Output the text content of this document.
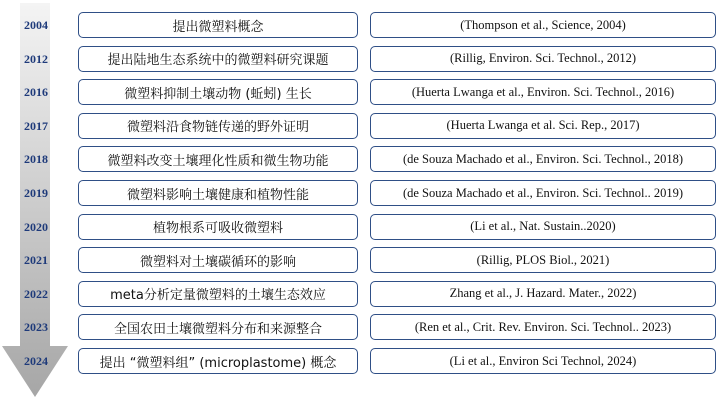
2004	提出微塑料概念	(Thompson et al., Science, 2004)
2012	提出陆地生态系统中的微塑料研究课题	(Rillig, Environ. Sci. Technol., 2012)
2016	微塑料抑制土壤动物 (蚯蚓) 生长	(Huerta Lwanga et al., Environ. Sci. Technol., 2016)
2017	微塑料沿食物链传递的野外证明	(Huerta Lwanga et al. Sci. Rep., 2017)
2018	微塑料改变土壤理化性质和微生物功能	(de Souza Machado et al., Environ. Sci. Technol., 2018)
2019	微塑料影响土壤健康和植物性能	(de Souza Machado et al., Environ. Sci. Technol.. 2019)
2020	植物根系可吸收微塑料	(Li et al., Nat. Sustain..2020)
2021	微塑料对土壤碳循环的影响	(Rillig, PLOS Biol., 2021)
2022	meta分析定量微塑料的土壤生态效应	Zhang et al., J. Hazard. Mater., 2022)
2023	全国农田土壤微塑料分布和来源整合	(Ren et al., Crit. Rev. Environ. Sci. Technol.. 2023)
2024	提出 “微塑料组” (microplastome) 概念	(Li et al., Environ Sci Technol, 2024)
